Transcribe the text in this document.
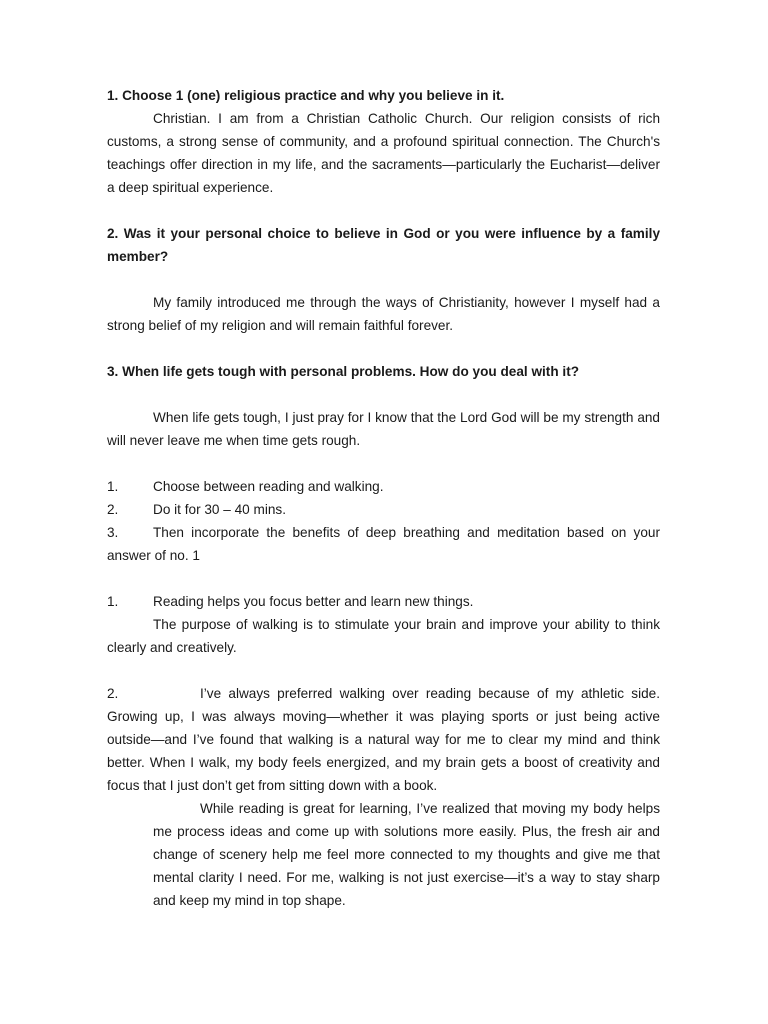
1. Choose 1 (one) religious practice and why you believe in it.

Christian. I am from a Christian Catholic Church. Our religion consists of rich customs, a strong sense of community, and a profound spiritual connection. The Church's teachings offer direction in my life, and the sacraments—particularly the Eucharist—deliver a deep spiritual experience.

2. Was it your personal choice to believe in God or you were influence by a family member?

My family introduced me through the ways of Christianity, however I myself had a strong belief of my religion and will remain faithful forever.

3. When life gets tough with personal problems. How do you deal with it?

When life gets tough, I just pray for I know that the Lord God will be my strength and will never leave me when time gets rough.

1.	Choose between reading and walking.
2.	Do it for 30 – 40 mins.

3.	Then incorporate the benefits of deep breathing and meditation based on your answer of no. 1

1.	Reading helps you focus better and learn new things.

The purpose of walking is to stimulate your brain and improve your ability to think clearly and creatively.

2.	I’ve always preferred walking over reading because of my athletic side. Growing up, I was always moving—whether it was playing sports or just being active outside—and I’ve found that walking is a natural way for me to clear my mind and think better. When I walk, my body feels energized, and my brain gets a boost of creativity and focus that I just don’t get from sitting down with a book.

While reading is great for learning, I’ve realized that moving my body helps me process ideas and come up with solutions more easily. Plus, the fresh air and change of scenery help me feel more connected to my thoughts and give me that mental clarity I need. For me, walking is not just exercise—it’s a way to stay sharp and keep my mind in top shape.
